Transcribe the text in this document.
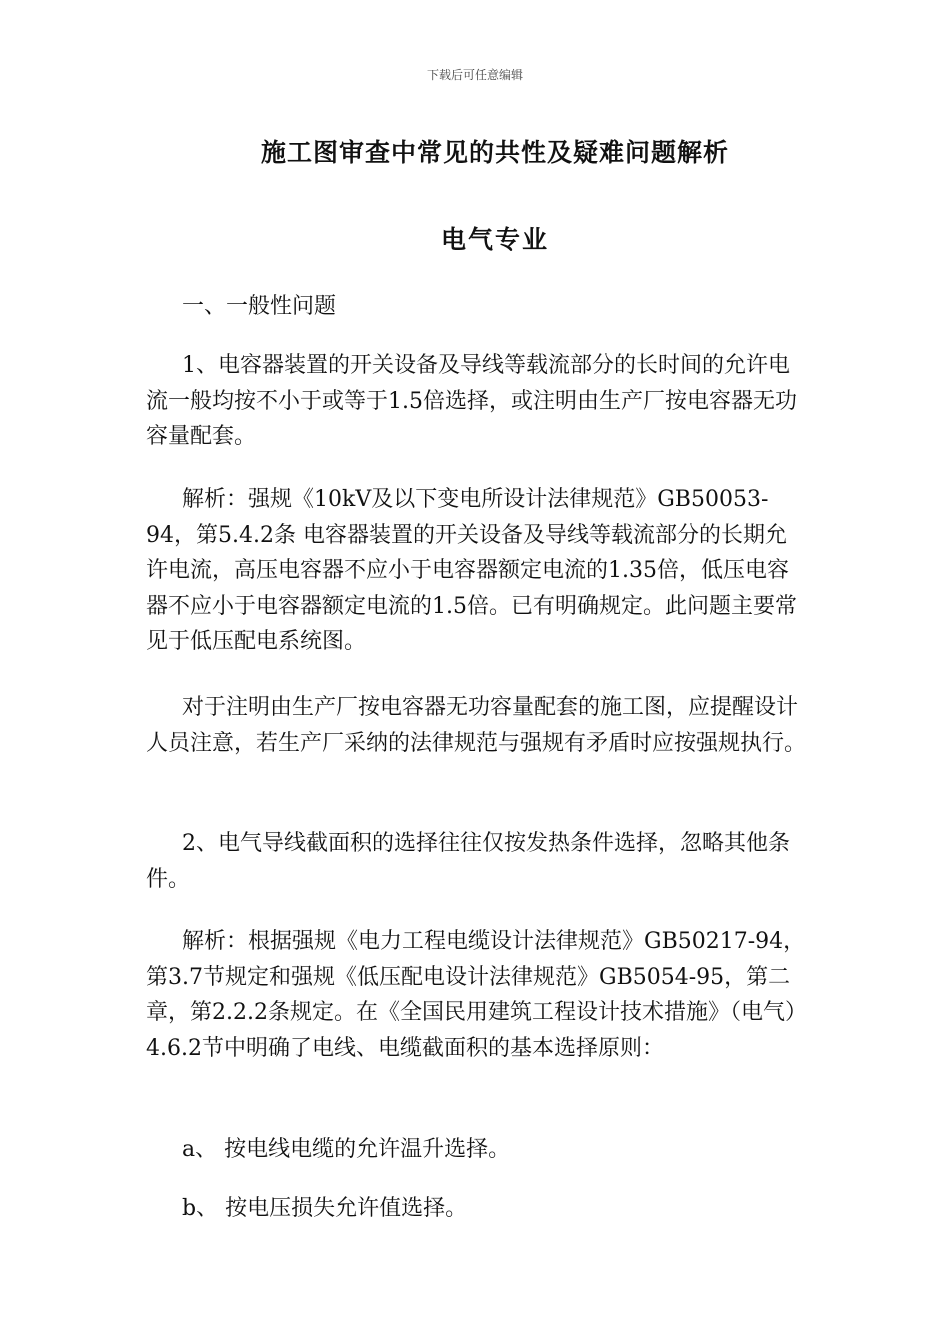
下载后可任意编辑
施工图审查中常见的共性及疑难问题解析
电气专业

一、一般性问题

1、电容器装置的开关设备及导线等载流部分的长时间的允许电流一般均按不小于或等于1.5倍选择，或注明由生产厂按电容器无功容量配套。

解析：强规《10kV及以下变电所设计法律规范》GB50053-94，第5.4.2条 电容器装置的开关设备及导线等载流部分的长期允许电流，高压电容器不应小于电容器额定电流的1.35倍，低压电容器不应小于电容器额定电流的1.5倍。已有明确规定。此问题主要常见于低压配电系统图。

对于注明由生产厂按电容器无功容量配套的施工图，应提醒设计人员注意，若生产厂采纳的法律规范与强规有矛盾时应按强规执行。

2、电气导线截面积的选择往往仅按发热条件选择，忽略其他条件。

解析：根据强规《电力工程电缆设计法律规范》GB50217-94，第3.7节规定和强规《低压配电设计法律规范》GB5054-95，第二章，第2.2.2条规定。在《全国民用建筑工程设计技术措施》（电气）4.6.2节中明确了电线、电缆截面积的基本选择原则：

a、 按电线电缆的允许温升选择。

b、 按电压损失允许值选择。
